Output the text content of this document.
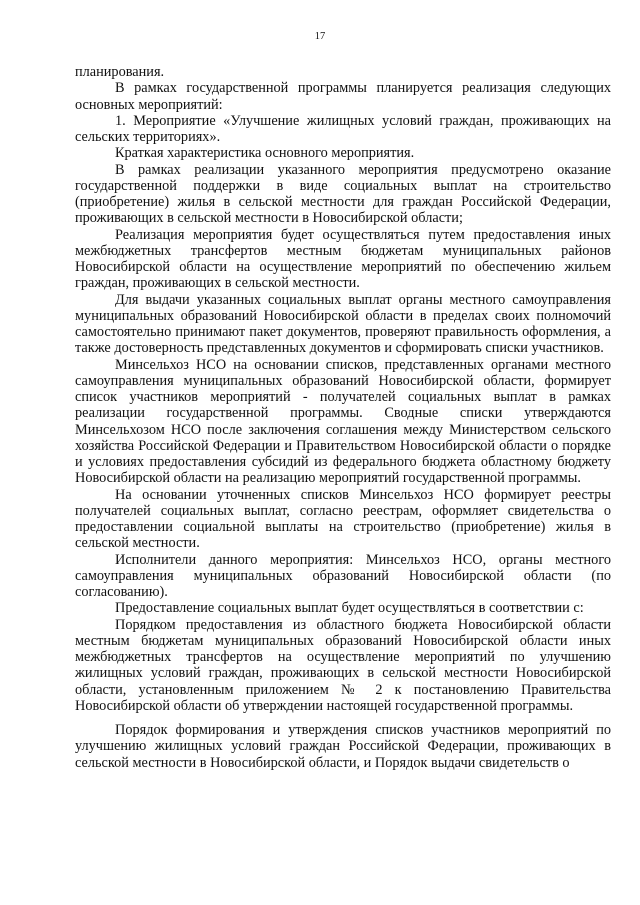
17

планирования.

В рамках государственной программы планируется реализация следующих основных мероприятий:

1. Мероприятие «Улучшение жилищных условий граждан, проживающих на сельских территориях».

Краткая характеристика основного мероприятия.

В рамках реализации указанного мероприятия предусмотрено оказание государственной поддержки в виде социальных выплат на строительство (приобретение) жилья в сельской местности для граждан Российской Федерации, проживающих в сельской местности в Новосибирской области;

Реализация мероприятия будет осуществляться путем предоставления иных межбюджетных трансфертов местным бюджетам муниципальных районов Новосибирской области на осуществление мероприятий по обеспечению жильем граждан, проживающих в сельской местности.

Для выдачи указанных социальных выплат органы местного самоуправления муниципальных образований Новосибирской области в пределах своих полномочий самостоятельно принимают пакет документов, проверяют правильность оформления, а также достоверность представленных документов и сформировать списки участников.

Минсельхоз НСО на основании списков, представленных органами местного самоуправления муниципальных образований Новосибирской области, формирует список участников мероприятий - получателей социальных выплат в рамках реализации государственной программы. Сводные списки утверждаются Минсельхозом НСО после заключения соглашения между Министерством сельского хозяйства Российской Федерации и Правительством Новосибирской области о порядке и условиях предоставления субсидий из федерального бюджета областному бюджету Новосибирской области на реализацию мероприятий государственной программы.

На основании уточненных списков Минсельхоз НСО формирует реестры получателей социальных выплат, согласно реестрам, оформляет свидетельства о предоставлении социальной выплаты на строительство (приобретение) жилья в сельской местности.

Исполнители данного мероприятия: Минсельхоз НСО, органы местного самоуправления муниципальных образований Новосибирской области (по согласованию).

Предоставление социальных выплат будет осуществляться в соответствии с:

Порядком предоставления из областного бюджета Новосибирской области местным бюджетам муниципальных образований Новосибирской области иных межбюджетных трансфертов на осуществление мероприятий по улучшению жилищных условий граждан, проживающих в сельской местности Новосибирской области, установленным приложением № 2 к постановлению Правительства Новосибирской области об утверждении настоящей государственной программы.

Порядок формирования и утверждения списков участников мероприятий по улучшению жилищных условий граждан Российской Федерации, проживающих в сельской местности в Новосибирской области, и Порядок выдачи свидетельств о
